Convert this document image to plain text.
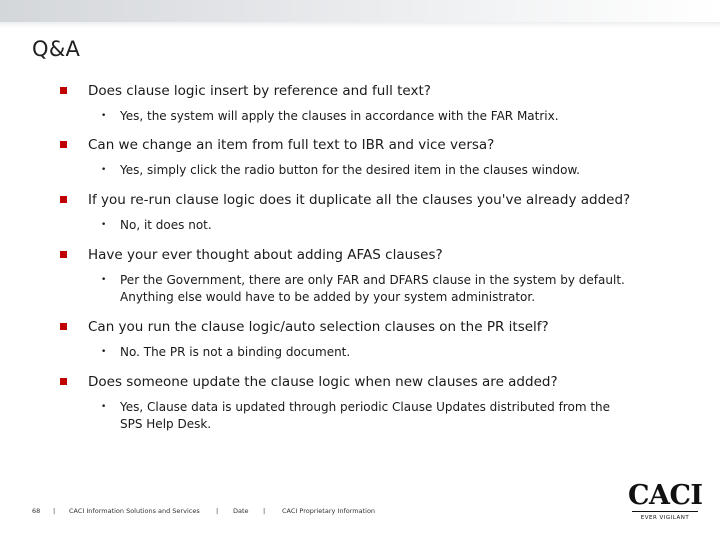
Q&A
Does clause logic insert by reference and full text?
• Yes, the system will apply the clauses in accordance with the FAR Matrix.
Can we change an item from full text to IBR and vice versa?
• Yes, simply click the radio button for the desired item in the clauses window.
If you re-run clause logic does it duplicate all the clauses you've already added?
• No, it does not.
Have your ever thought about adding AFAS clauses?
• Per the Government, there are only FAR and DFARS clause in the system by default.
Anything else would have to be added by your system administrator.
Can you run the clause logic/auto selection clauses on the PR itself?
• No. The PR is not a binding document.
Does someone update the clause logic when new clauses are added?
• Yes, Clause data is updated through periodic Clause Updates distributed from the
SPS Help Desk.
68 | CACI Information Solutions and Services	| Date |	CACI Proprietary Information	CACI
EVER VIGILANT
